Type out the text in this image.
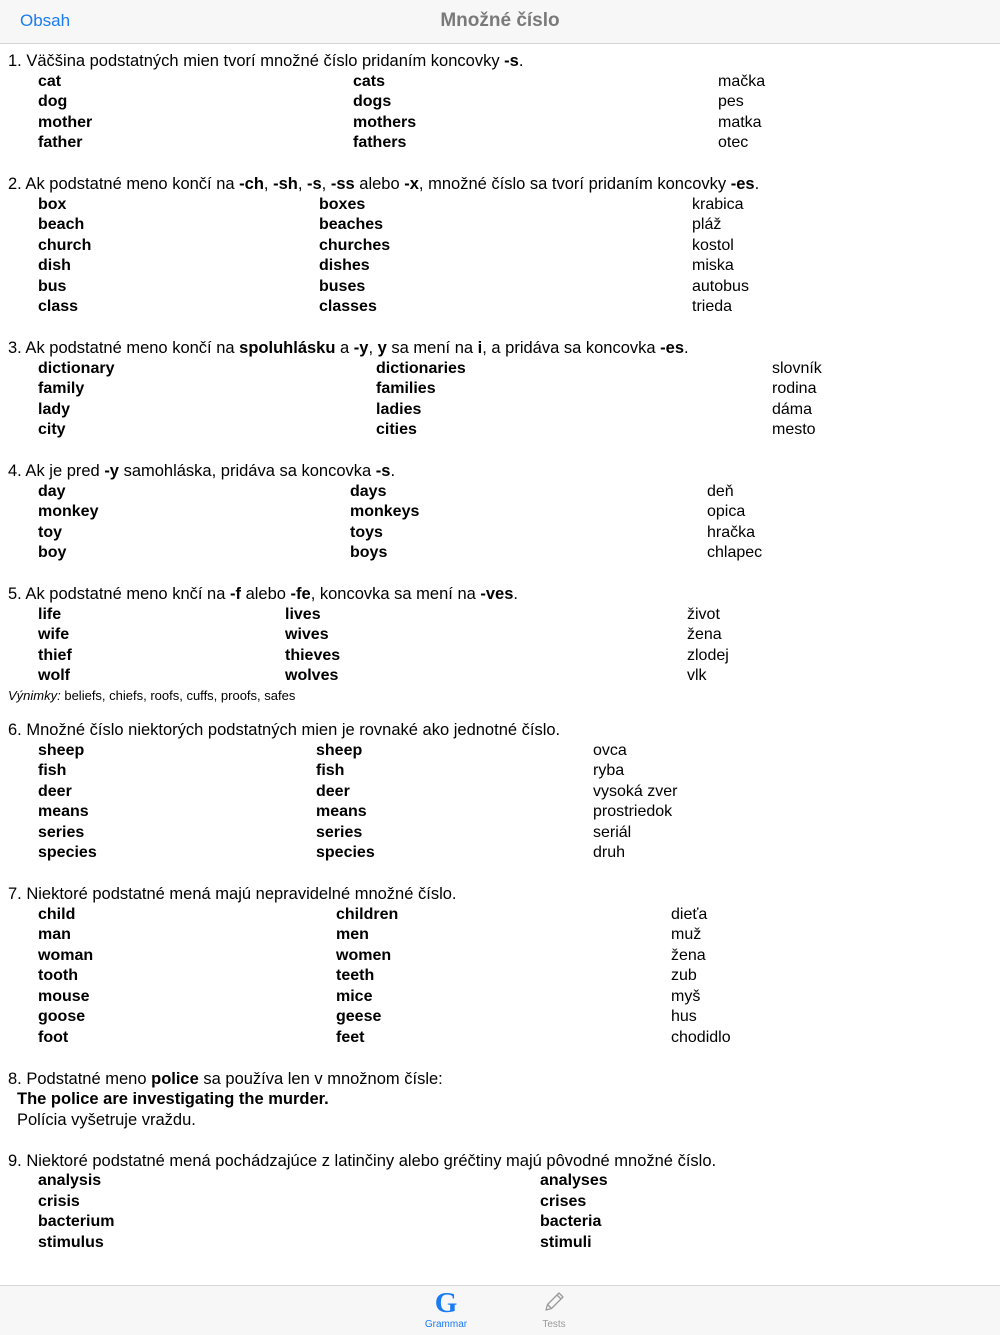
Obsah	Množné číslo
1. Väčšina podstatných mien tvorí množné číslo pridaním koncovky -s.
cat	cats	mačka
dog	dogs	pes
mother	mothers	matka
father	fathers	otec
2. Ak podstatné meno končí na -ch, -sh, -s, -ss alebo -x, množné číslo sa tvorí pridaním koncovky -es.
box	boxes	krabica
beach	beaches	pláž
church	churches	kostol
dish	dishes	miska
bus	buses	autobus
class	classes	trieda
3. Ak podstatné meno končí na spoluhlásku a -y, y sa mení na i, a pridáva sa koncovka -es.
dictionary	dictionaries	slovník
family	families	rodina
lady	ladies	dáma
city	cities	mesto
4. Ak je pred -y samohláska, pridáva sa koncovka -s.
day	days	deň
monkey	monkeys	opica
toy	toys	hračka
boy	boys	chlapec
5. Ak podstatné meno knčí na -f alebo -fe, koncovka sa mení na -ves.
life	lives	život
wife	wives	žena
thief	thieves	zlodej
wolf	wolves	vlk
Výnimky: beliefs, chiefs, roofs, cuffs, proofs, safes
6. Množné číslo niektorých podstatných mien je rovnaké ako jednotné číslo.
sheep	sheep	ovca
fish	fish	ryba
deer	deer	vysoká zver
means	means	prostriedok
series	series	seriál
species	species	druh
7. Niektoré podstatné mená majú nepravidelné množné číslo.
child	children	dieťa
man	men	muž
woman	women	žena
tooth	teeth	zub
mouse	mice	myš
goose	geese	hus
foot	feet	chodidlo
8. Podstatné meno police sa používa len v množnom čísle:
The police are investigating the murder.
Polícia vyšetruje vraždu.
9. Niektoré podstatné mená pochádzajúce z latinčiny alebo gréčtiny majú pôvodné množné číslo.
analysis	analyses
crisis	crises
bacterium	bacteria
stimulus	stimuli
G
Grammar	Tests
